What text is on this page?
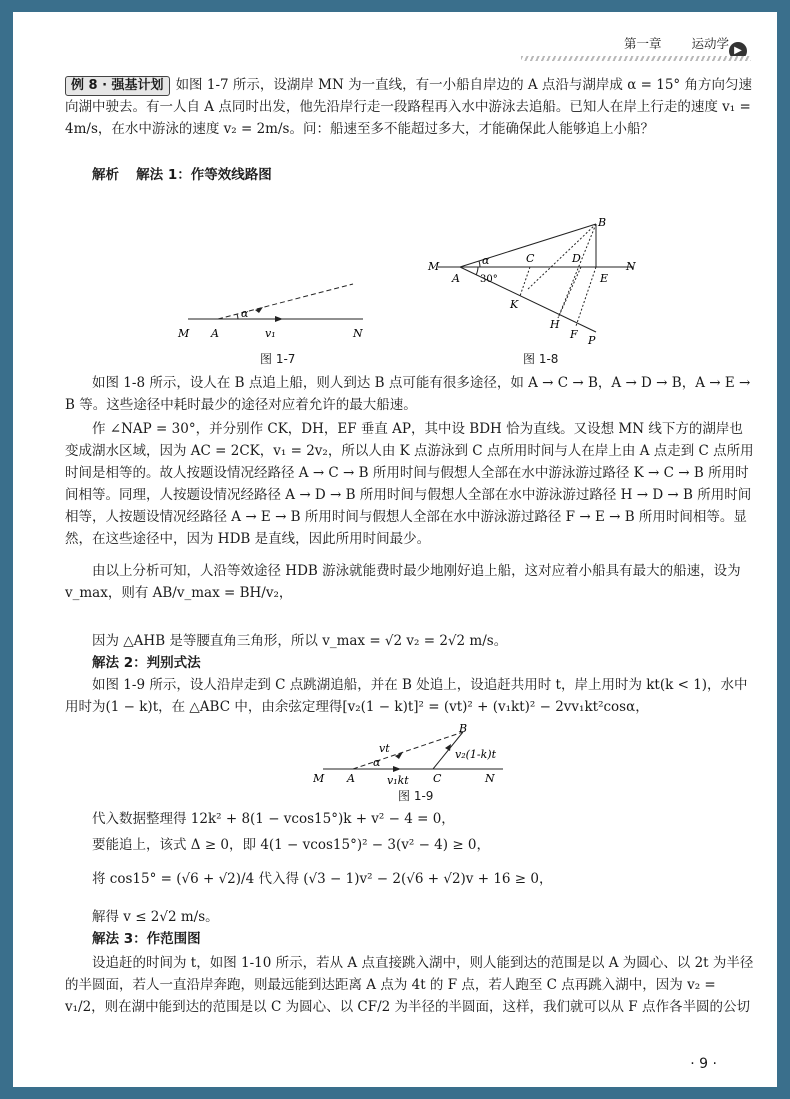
第一章 运动学 ▶
例 8 · 强基计划 如图 1-7 所示，设湖岸 MN 为一直线，有一小船自岸边的 A 点沿与湖岸成 α = 15° 角方向匀速向湖中驶去。有一人自 A 点同时出发，他先沿岸行走一段路程再入水中游泳去追船。已知人在岸上行走的速度 v₁ = 4m/s，在水中游泳的速度 v₂ = 2m/s。问：船速至多不能超过多大，才能确保此人能够追上小船？
解析 解法 1：作等效线路图
M A
α
v₁	N
图 1-7
M
A
α
30°
C	D
E
N
B
K
H
F P
图 1-8
如图 1-8 所示，设人在 B 点追上船，则人到达 B 点可能有很多途径，如 A → C → B，A → D → B，A → E → B 等。这些途径中耗时最少的途径对应着允许的最大船速。
作 ∠NAP = 30°，并分别作 CK，DH，EF 垂直 AP，其中设 BDH 恰为直线。又设想 MN 线下方的湖岸也变成湖水区域，因为 AC = 2CK，v₁ = 2v₂，所以人由 K 点游泳到 C 点所用时间与人在岸上由 A 点走到 C 点所用时间是相等的。故人按题设情况经路径 A → C → B 所用时间与假想人全部在水中游泳游过路径 K → C → B 所用时间相等。同理，人按题设情况经路径 A → D → B 所用时间与假想人全部在水中游泳游过路径 H → D → B 所用时间相等，人按题设情况经路径 A → E → B 所用时间与假想人全部在水中游泳游过路径 F → E → B 所用时间相等。显然，在这些途径中，因为 HDB 是直线，因此所用时间最少。
由以上分析可知，人沿等效途径 HDB 游泳就能费时最少地刚好追上船，这对应着小船具有最大的船速，设为 v_max，则有 AB/v_max = BH/v₂，
因为 △AHB 是等腰直角三角形，所以 v_max = √2 v₂ = 2√2 m/s。
解法 2：判别式法
如图 1-9 所示，设人沿岸走到 C 点跳湖追船，并在 B 处追上，设追赶共用时 t，岸上用时为 kt(k < 1)，水中用时为(1 − k)t，在 △ABC 中，由余弦定理得[v₂(1 − k)t]² = (vt)² + (v₁kt)² − 2vv₁kt²cosα，
M A
α
vt
v₁kt C	N
B
v₂(1-k)t
图 1-9
代入数据整理得 12k² + 8(1 − vcos15°)k + v² − 4 = 0，
要能追上，该式 Δ ≥ 0，即 4(1 − vcos15°)² − 3(v² − 4) ≥ 0，
将 cos15° = (√6 + √2)/4 代入得 (√3 − 1)v² − 2(√6 + √2)v + 16 ≥ 0，
解得 v ≤ 2√2 m/s。
解法 3：作范围图
设追赶的时间为 t，如图 1-10 所示，若从 A 点直接跳入湖中，则人能到达的范围是以 A 为圆心、以 2t 为半径的半圆面，若人一直沿岸奔跑，则最远能到达距离 A 点为 4t 的 F 点，若人跑至 C 点再跳入湖中，因为 v₂ = v₁/2，则在湖中能到达的范围是以 C 为圆心、以 CF/2 为半径的半圆面，这样，我们就可以从 F 点作各半圆的公切
· 9 ·
